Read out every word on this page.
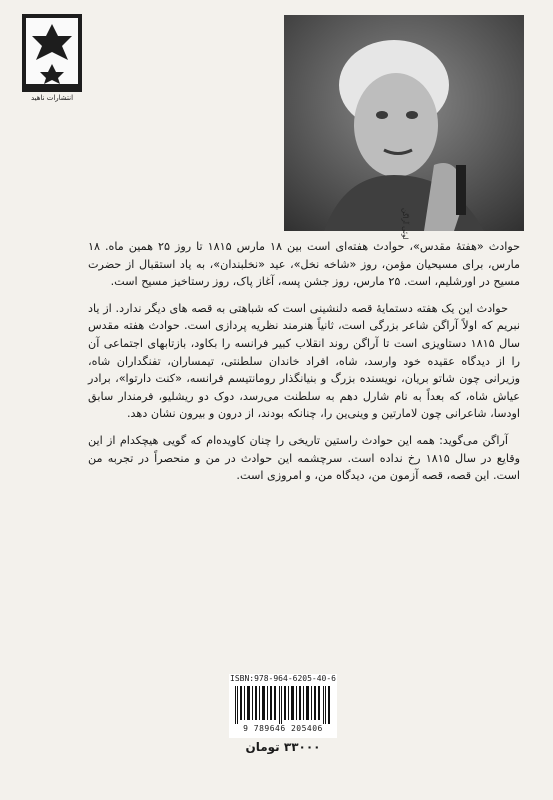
انتشارات ناهید
لوئی آراگن

حوادث «هفتهٔ مقدس»، حوادث هفته‌ای است بین ۱۸ مارس ۱۸۱۵ تا روز ۲۵ همین ماه. ۱۸ مارس، برای مسیحیان مؤمن، روز «شاخه نخل»، عید «نخلبندان»، به یاد استقبال از حضرت مسیح در اورشلیم، است. ۲۵ مارس، روز جشن پسه، آغاز پاک، روز رستاخیز مسیح است.

حوادث این یک هفته دستمایهٔ قصه دلنشینی است که شباهتی به قصه های دیگر ندارد. از یاد نبریم که اولاً آراگن شاعر بزرگی است، ثانیاً هنرمند نظریه پردازی است. حوادث هفته مقدس سال ۱۸۱۵ دستاویزی است تا آراگن روند انقلاب کبیر فرانسه را بکاود، بازتابهای اجتماعی آن را از دیدگاه عقیده خود وارسد، شاه، افراد خاندان سلطنتی، تیمساران، تفنگداران شاه، وزیرانی چون شاتو بریان، نویسنده بزرگ و بنیانگذار رومانتیسم فرانسه، «کنت دارتوا»، برادر عیاش شاه، که بعداً به نام شارل دهم به سلطنت می‌رسد، دوک دو ریشلیو، فرمندار سابق اودسا، شاعرانی چون لامارتین و وینی‌ین را، چنانکه بودند، از درون و بیرون نشان دهد.

آراگن می‌گوید: همه این حوادث راستین تاریخی را چنان کاویده‌ام که گویی هیچکدام از این وقایع در سال ۱۸۱۵ رخ نداده است. سرچشمه این حوادث در من و منحصراً در تجربه من است. این قصه، قصه آزمون من، دیدگاه من، و امروزی است.

ISBN:978-964-6205-40-6
9 789646 205406
۳۳۰۰۰ تومان
